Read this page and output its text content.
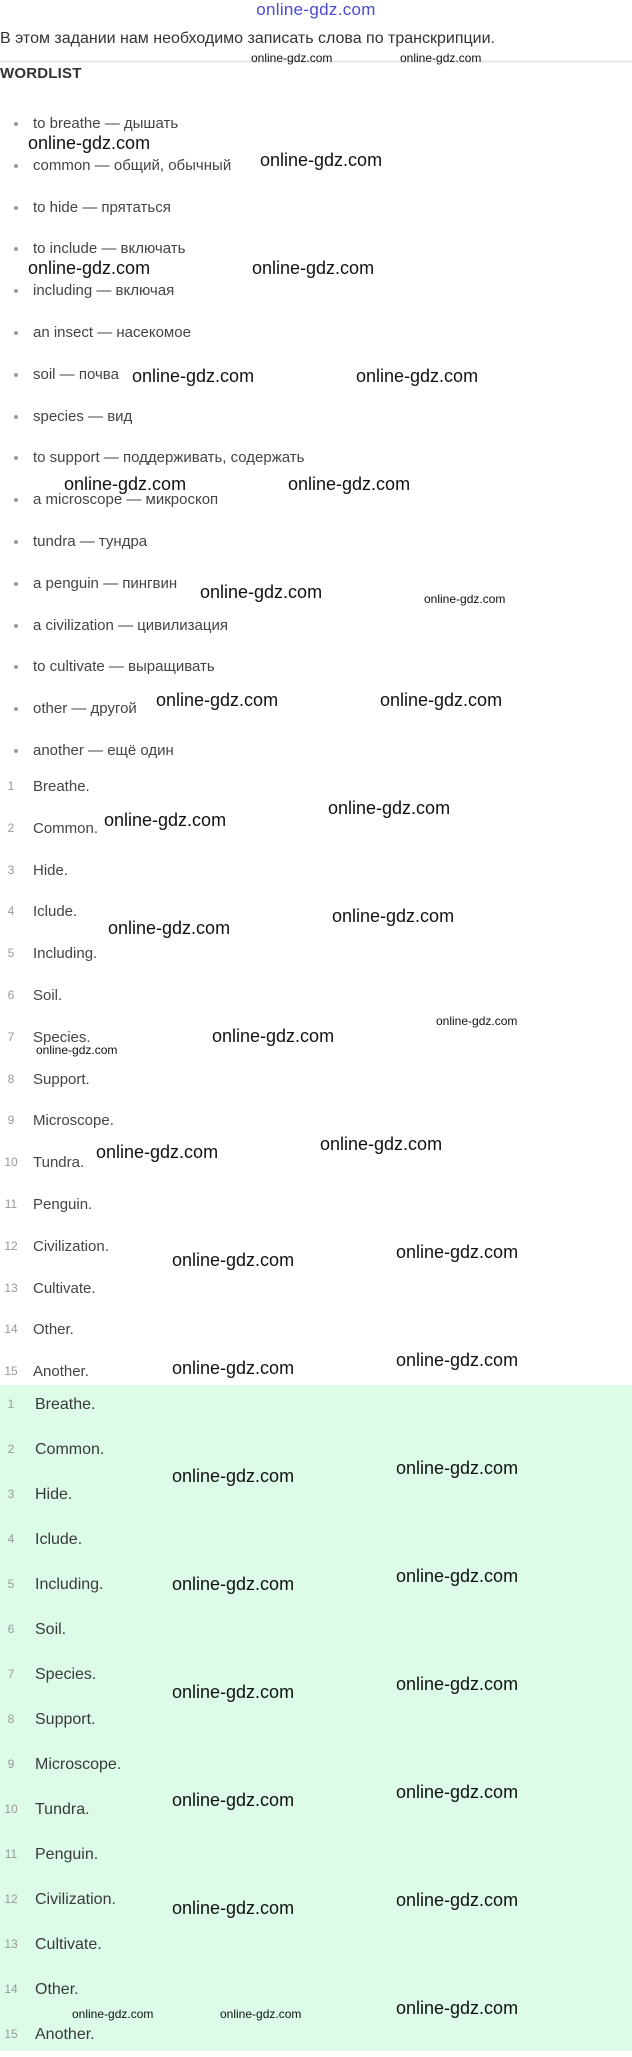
online-gdz.com
В этом задании нам необходимо записать слова по транскрипции.
WORDLIST
to breathe — дышать
common — общий, обычный
to hide — прятаться
to include — включать
including — включая
an insect — насекомое
soil — почва
species — вид
to support — поддерживать, содержать
a microscope — микроскоп
tundra — тундра
a penguin — пингвин
a civilization — цивилизация
to cultivate — выращивать
other — другой
another — ещё один
1	Breathe.
2	Common.
3	Hide.
4	Iclude.
5	Including.
6	Soil.
7	Species.
8	Support.
9	Microscope.
10 Tundra.
11	Penguin.
12 Civilization.
13 Cultivate.
14 Other.
15 Another.
1	Breathe.
2	Common.
3	Hide.
4	Iclude.
5	Including.
6	Soil.
7	Species.
8	Support.
9	Microscope.
10 Tundra.
11 Penguin.
12 Civilization.
13 Cultivate.
14 Other.
15 Another.
online-gdz.com	online-gdz.com
online-gdz.com
online-gdz.com
online-gdz.com	online-gdz.com
online-gdz.com	online-gdz.com
online-gdz.com	online-gdz.com
online-gdz.com	online-gdz.com
online-gdz.com	online-gdz.com
online-gdz.com
online-gdz.com
online-gdz.com
online-gdz.com
online-gdz.com
online-gdz.com
online-gdz.com
online-gdz.com	online-gdz.com
online-gdz.com	online-gdz.com
online-gdz.com	online-gdz.com
online-gdz.com	online-gdz.com
online-gdz.com	online-gdz.com
online-gdz.com	online-gdz.com
online-gdz.com	online-gdz.com
online-gdz.com	online-gdz.com
online-gdz.com
online-gdz.com	online-gdz.com
